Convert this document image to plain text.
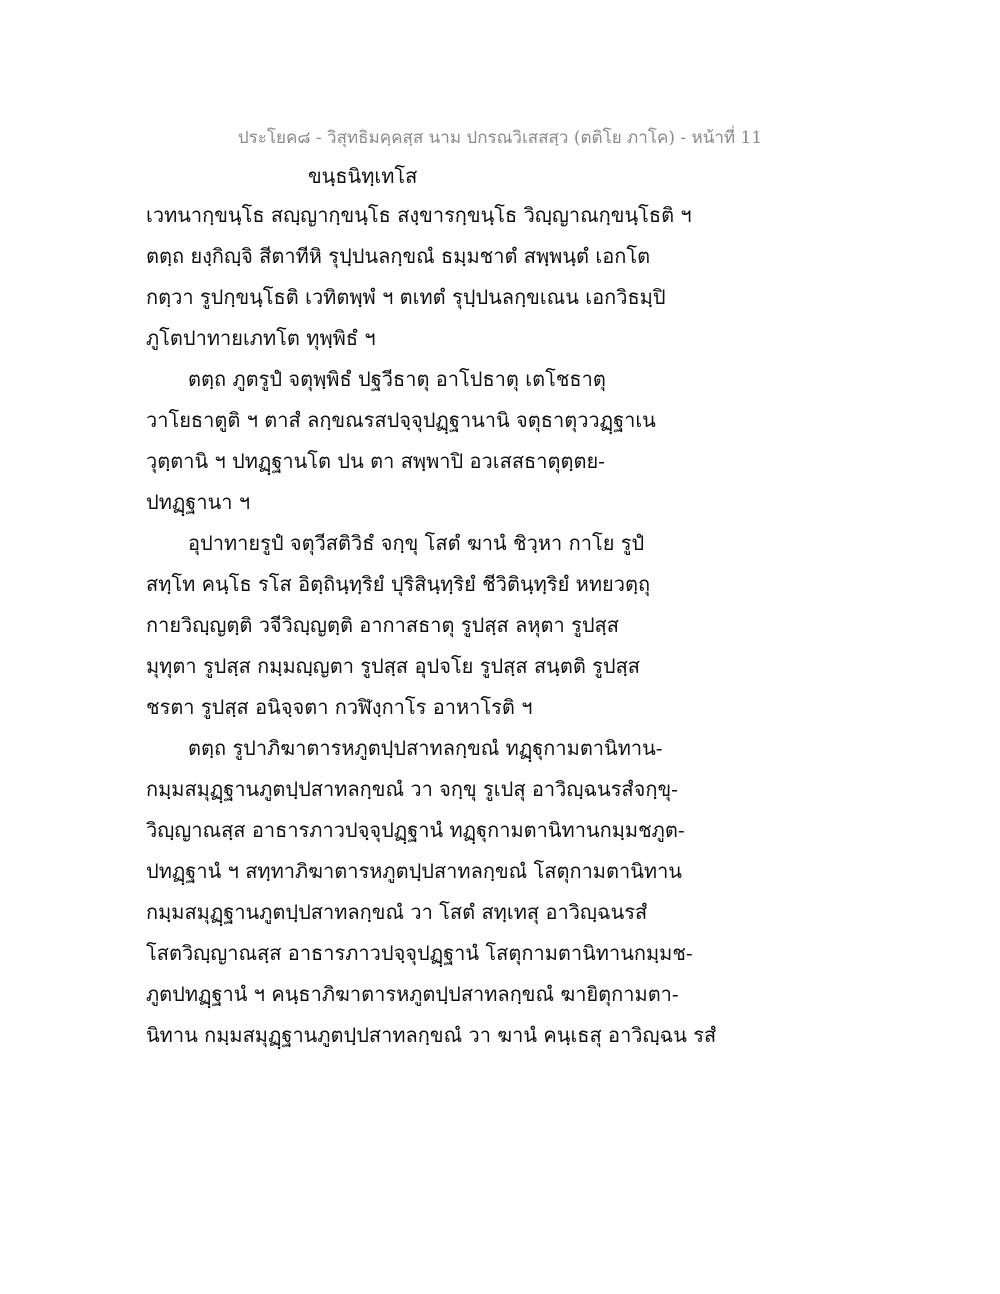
ประโยค๘ - วิสุทธิมคฺคสฺส นาม ปกรณวิเสสสฺว (ตติโย ภาโค) - หน้าที่ 11
ขนฺธนิทฺเทโส
เวทนากฺขนฺโธ สญฺญากฺขนฺโธ สงฺขารกฺขนฺโธ วิญฺญาณกฺขนฺโธติ ฯ
ตตฺถ ยงฺกิญฺจิ สีตาทีหิ รุปฺปนลกฺขณํ ธมฺมชาตํ สพฺพนฺตํ เอกโต
กตฺวา รูปกฺขนฺโธติ เวทิตพฺพํ ฯ ตเทตํ รุปฺปนลกฺขเณน เอกวิธมฺปิ
ภูโตปาทายเภทโต ทุพฺพิธํ ฯ
ตตฺถ ภูตรูปํ จตุพฺพิธํ ปฐวีธาตุ อาโปธาตุ เตโชธาตุ
วาโยธาตูติ ฯ ตาสํ ลกฺขณรสปจฺจุปฏฺฐานานิ จตุธาตุววฏฺฐาเน
วุตฺตานิ ฯ ปทฏฺฐานโต ปน ตา สพฺพาปิ อวเสสธาตุตฺตย-
ปทฏฺฐานา ฯ
อุปาทายรูปํ จตุวีสติวิธํ จกฺขุ โสตํ ฆานํ ชิวฺหา กาโย รูปํ
สทฺโท คนฺโธ รโส อิตฺถินฺทฺริยํ ปุริสินฺทฺริยํ ชีวิตินฺทฺริยํ หทยวตฺถุ
กายวิญฺญตฺติ วจีวิญฺญตฺติ อากาสธาตุ รูปสฺส ลหุตา รูปสฺส
มุทุตา รูปสฺส กมฺมญฺญตา รูปสฺส อุปจโย รูปสฺส สนฺตติ รูปสฺส
ชรตา รูปสฺส อนิจฺจตา กวฬิงฺกาโร อาหาโรติ ฯ
ตตฺถ รูปาภิฆาตารหภูตปฺปสาทลกฺขณํ ทฏฺฐุกามตานิทาน-
กมฺมสมุฏฺฐานภูตปฺปสาทลกฺขณํ วา จกฺขุ รูเปสุ อาวิญฺฉนรสํจกฺขุ-
วิญฺญาณสฺส อาธารภาวปจฺจุปฏฺฐานํ ทฏฺฐุกามตานิทานกมฺมชภูต-
ปทฏฺฐานํ ฯ สทฺทาภิฆาตารหภูตปฺปสาทลกฺขณํ โสตุกามตานิทาน
กมฺมสมุฏฺฐานภูตปฺปสาทลกฺขณํ วา โสตํ สทฺเทสุ อาวิญฺฉนรสํ
โสตวิญฺญาณสฺส อาธารภาวปจฺจุปฏฺฐานํ โสตุกามตานิทานกมฺมช-
ภูตปทฏฺฐานํ ฯ คนฺธาภิฆาตารหภูตปฺปสาทลกฺขณํ ฆายิตุกามตา-
นิทาน กมฺมสมุฏฺฐานภูตปฺปสาทลกฺขณํ วา ฆานํ คนฺเธสุ อาวิญฺฉน รสํ
